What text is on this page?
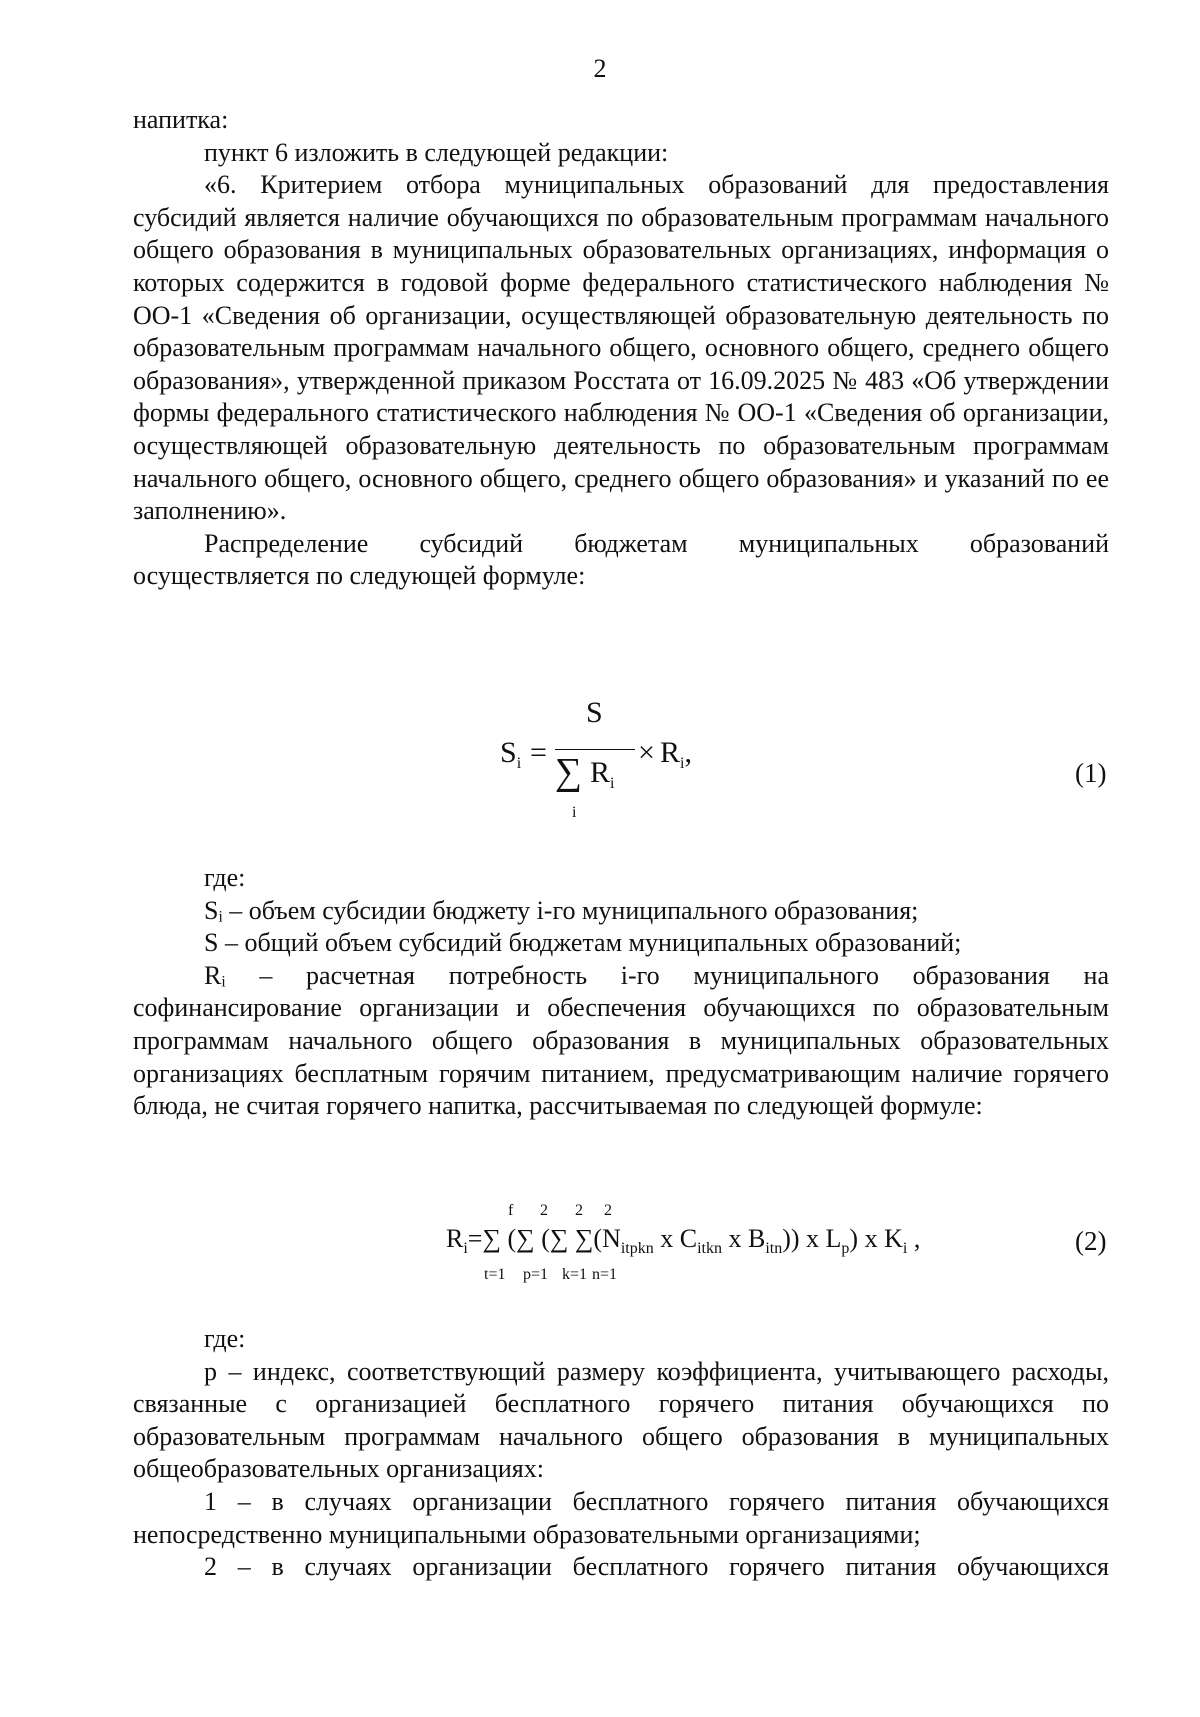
2

напитка:

пункт 6 изложить в следующей редакции:

«6. Критерием отбора муниципальных образований для предоставления субсидий является наличие обучающихся по образовательным программам начального общего образования в муниципальных образовательных организациях, информация о которых содержится в годовой форме федерального статистического наблюдения № ОО-1 «Сведения об организации, осуществляющей образовательную деятельность по образовательным программам начального общего, основного общего, среднего общего образования», утвержденной приказом Росстата от 16.09.2025 № 483 «Об утверждении формы федерального статистического наблюдения № ОО-1 «Сведения об организации, осуществляющей образовательную деятельность по образовательным программам начального общего, основного общего, среднего общего образования» и указаний по ее заполнению».

Распределение субсидий бюджетам муниципальных образований осуществляется по следующей формуле:

$S_i$ =
S
∑ $R_i$
i
× $R_i$,
(1)

где:

Sᵢ – объем субсидии бюджету i-го муниципального образования;

S – общий объем субсидий бюджетам муниципальных образований;

Rᵢ – расчетная потребность i-го муниципального образования на софинансирование организации и обеспечения обучающихся по образовательным программам начального общего образования в муниципальных образовательных организациях бесплатным горячим питанием, предусматривающим наличие горячего блюда, не считая горячего напитка, рассчитываемая по следующей формуле:

f 2 2 2
$R_i=\sum$ (∑ (∑ $\sum(N_{itpkn}$ x $C_{itkn}$ x $B_{itn}$)) x $L_p$) x $K_i$ ,
t=1 p=1 k=1 n=1
(2)

где:

p – индекс, соответствующий размеру коэффициента, учитывающего расходы, связанные с организацией бесплатного горячего питания обучающихся по образовательным программам начального общего образования в муниципальных общеобразовательных организациях:

1 – в случаях организации бесплатного горячего питания обучающихся непосредственно муниципальными образовательными организациями;

2 – в случаях организации бесплатного горячего питания обучающихся
